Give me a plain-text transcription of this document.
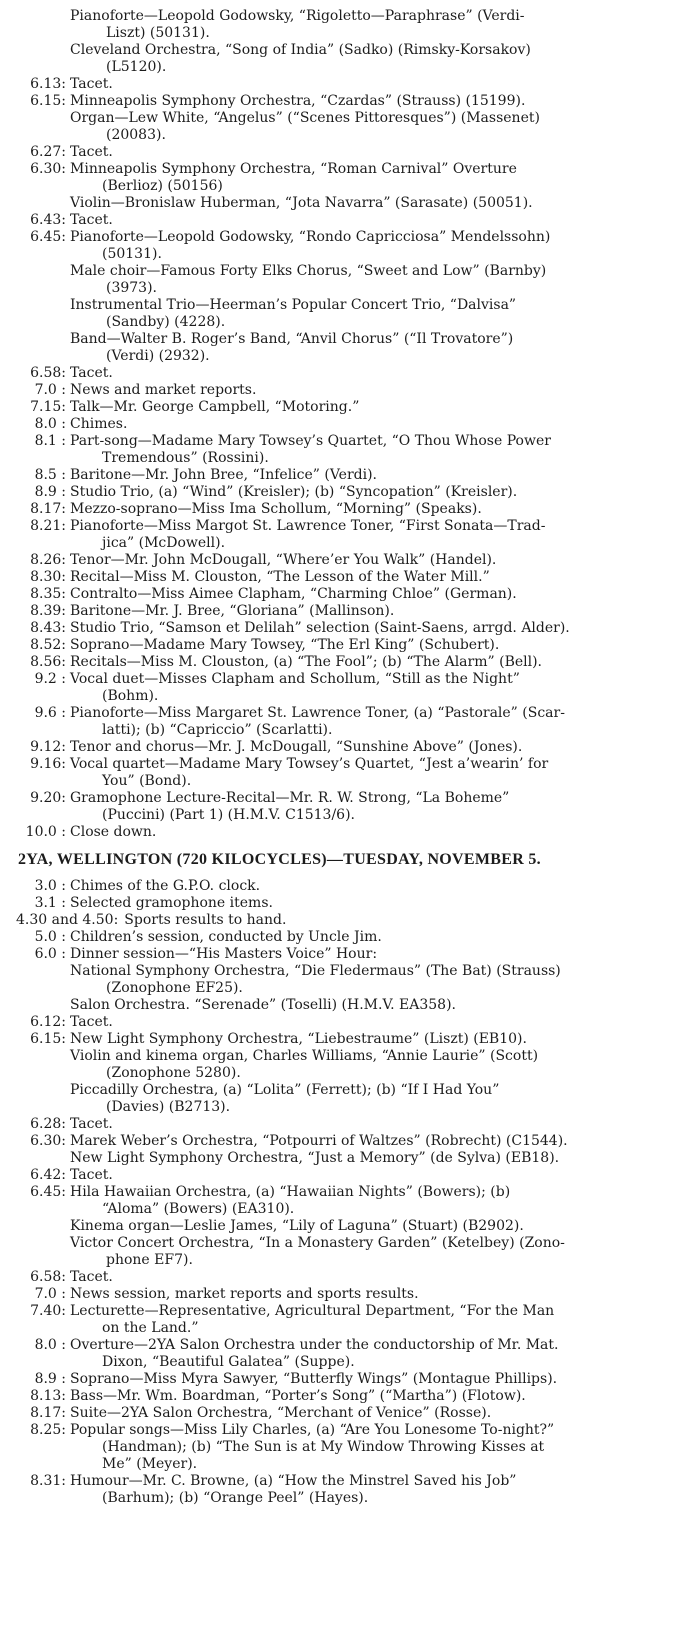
Pianoforte—Leopold Godowsky, “Rigoletto—Paraphrase” (Verdi-
Liszt) (50131).
Cleveland Orchestra, “Song of India” (Sadko) (Rimsky-Korsakov)
(L5120).
6.13: Tacet.
6.15: Minneapolis Symphony Orchestra, “Czardas” (Strauss) (15199).
Organ—Lew White, “Angelus” (“Scenes Pittoresques”) (Massenet)
(20083).
6.27: Tacet.
6.30: Minneapolis Symphony Orchestra, “Roman Carnival” Overture
(Berlioz) (50156)
Violin—Bronislaw Huberman, “Jota Navarra” (Sarasate) (50051).
6.43: Tacet.
6.45: Pianoforte—Leopold Godowsky, “Rondo Capricciosa” Mendelssohn)
(50131).
Male choir—Famous Forty Elks Chorus, “Sweet and Low” (Barnby)
(3973).
Instrumental Trio—Heerman’s Popular Concert Trio, “Dalvisa”
(Sandby) (4228).
Band—Walter B. Roger’s Band, “Anvil Chorus” (“Il Trovatore”)
(Verdi) (2932).
6.58: Tacet.
7.0 : News and market reports.
7.15: Talk—Mr. George Campbell, “Motoring.”
8.0 : Chimes.
8.1 : Part-song—Madame Mary Towsey’s Quartet, “O Thou Whose Power
Tremendous” (Rossini).
8.5 : Baritone—Mr. John Bree, “Infelice” (Verdi).
8.9 : Studio Trio, (a) “Wind” (Kreisler); (b) “Syncopation” (Kreisler).
8.17: Mezzo-soprano—Miss Ima Schollum, “Morning” (Speaks).
8.21: Pianoforte—Miss Margot St. Lawrence Toner, “First Sonata—Trad-
jica” (McDowell).
8.26: Tenor—Mr. John McDougall, “Where’er You Walk” (Handel).
8.30: Recital—Miss M. Clouston, “The Lesson of the Water Mill.”
8.35: Contralto—Miss Aimee Clapham, “Charming Chloe” (German).
8.39: Baritone—Mr. J. Bree, “Gloriana” (Mallinson).
8.43: Studio Trio, “Samson et Delilah” selection (Saint-Saens, arrgd. Alder).
8.52: Soprano—Madame Mary Towsey, “The Erl King” (Schubert).
8.56: Recitals—Miss M. Clouston, (a) “The Fool”; (b) “The Alarm” (Bell).
9.2 : Vocal duet—Misses Clapham and Schollum, “Still as the Night”
(Bohm).
9.6 : Pianoforte—Miss Margaret St. Lawrence Toner, (a) “Pastorale” (Scar-
latti); (b) “Capriccio” (Scarlatti).
9.12: Tenor and chorus—Mr. J. McDougall, “Sunshine Above” (Jones).
9.16: Vocal quartet—Madame Mary Towsey’s Quartet, “Jest a’wearin’ for
You” (Bond).
9.20: Gramophone Lecture-Recital—Mr. R. W. Strong, “La Boheme”
(Puccini) (Part 1) (H.M.V. C1513/6).
10.0 : Close down.
2YA, WELLINGTON (720 KILOCYCLES)—TUESDAY, NOVEMBER 5.
3.0 : Chimes of the G.P.O. clock.
3.1 : Selected gramophone items.
4.30 and 4.50: Sports results to hand.
5.0 : Children’s session, conducted by Uncle Jim.
6.0 : Dinner session—“His Masters Voice” Hour:
National Symphony Orchestra, “Die Fledermaus” (The Bat) (Strauss)
(Zonophone EF25).
Salon Orchestra. “Serenade” (Toselli) (H.M.V. EA358).
6.12: Tacet.
6.15: New Light Symphony Orchestra, “Liebestraume” (Liszt) (EB10).
Violin and kinema organ, Charles Williams, “Annie Laurie” (Scott)
(Zonophone 5280).
Piccadilly Orchestra, (a) “Lolita” (Ferrett); (b) “If I Had You”
(Davies) (B2713).
6.28: Tacet.
6.30: Marek Weber’s Orchestra, “Potpourri of Waltzes” (Robrecht) (C1544).
New Light Symphony Orchestra, “Just a Memory” (de Sylva) (EB18).
6.42: Tacet.
6.45: Hila Hawaiian Orchestra, (a) “Hawaiian Nights” (Bowers); (b)
“Aloma” (Bowers) (EA310).
Kinema organ—Leslie James, “Lily of Laguna” (Stuart) (B2902).
Victor Concert Orchestra, “In a Monastery Garden” (Ketelbey) (Zono-
phone EF7).
6.58: Tacet.
7.0 : News session, market reports and sports results.
7.40: Lecturette—Representative, Agricultural Department, “For the Man
on the Land.”
8.0 : Overture—2YA Salon Orchestra under the conductorship of Mr. Mat.
Dixon, “Beautiful Galatea” (Suppe).
8.9 : Soprano—Miss Myra Sawyer, “Butterfly Wings” (Montague Phillips).
8.13: Bass—Mr. Wm. Boardman, “Porter’s Song” (“Martha”) (Flotow).
8.17: Suite—2YA Salon Orchestra, “Merchant of Venice” (Rosse).
8.25: Popular songs—Miss Lily Charles, (a) “Are You Lonesome To-night?”
(Handman); (b) “The Sun is at My Window Throwing Kisses at
Me” (Meyer).
8.31: Humour—Mr. C. Browne, (a) “How the Minstrel Saved his Job”
(Barhum); (b) “Orange Peel” (Hayes).
